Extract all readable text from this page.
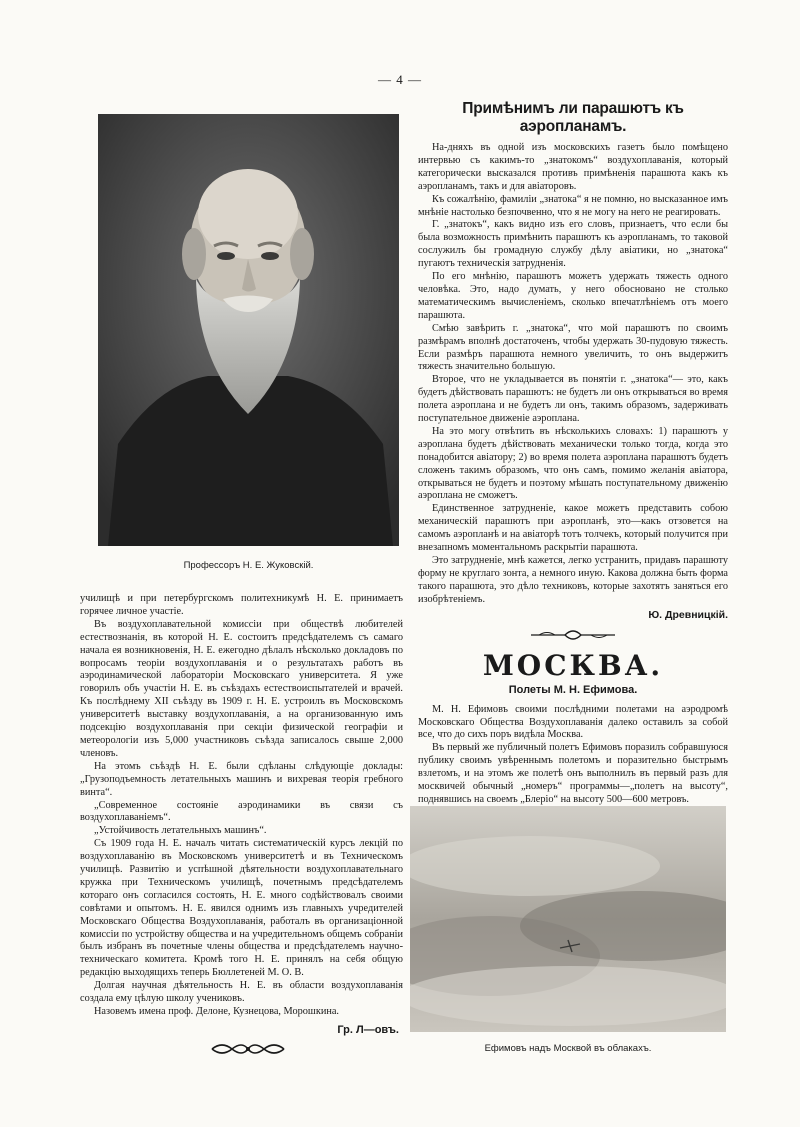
— 4 —
Профессоръ Н. Е. Жуковскій.

училищѣ и при петербургскомъ политехникумѣ Н. Е. принимаетъ горячее личное участіе.

Въ воздухоплавательной комиссіи при обществѣ любителей естествознанія, въ которой Н. Е. состоитъ предсѣдателемъ съ самаго начала ея возникновенія, Н. Е. ежегодно дѣлалъ нѣсколько докладовъ по вопросамъ теоріи воздухоплаванія и о результатахъ работъ въ аэродинамической лабораторіи Московскаго университета. Я уже говорилъ объ участіи Н. Е. въ съѣздахъ естествоиспытателей и врачей. Къ послѣднему XII съѣзду въ 1909 г. Н. Е. устроилъ въ Московскомъ университетѣ выставку воздухоплаванія, а на организованную имъ подсекцію воздухоплаванія при секціи физической географіи и метеорологіи изъ 5,000 участниковъ съѣзда записалось свыше 2,000 членовъ.

На этомъ съѣздѣ Н. Е. были сдѣланы слѣдующіе доклады: „Грузоподъемность летательныхъ машинъ и вихревая теорія гребного винта“.

„Современное состояніе аэродинамики въ связи съ воздухоплаваніемъ“.

„Устойчивость летательныхъ машинъ“.

Съ 1909 года Н. Е. началъ читать систематическій курсъ лекцій по воздухоплаванію въ Московскомъ университетѣ и въ Техническомъ училищѣ. Развитію и успѣшной дѣятельности воздухоплавательнаго кружка при Техническомъ училищѣ, почетнымъ предсѣдателемъ котораго онъ согласился состоять, Н. Е. много содѣйствовалъ своими совѣтами и опытомъ. Н. Е. явился однимъ изъ главныхъ учредителей Московскаго Общества Воздухоплаванія, работалъ въ организаціонной комиссіи по устройству общества и на учредительномъ общемъ собраніи былъ избранъ въ почетные члены общества и предсѣдателемъ научно-техническаго комитета. Кромѣ того Н. Е. принялъ на себя общую редакцію выходящихъ теперь Бюллетеней М. О. В.

Долгая научная дѣятельность Н. Е. въ области воздухоплаванія создала ему цѣлую школу учениковъ.

Назовемъ имена проф. Делоне, Кузнецова, Морошкина.

Гр. Л—овъ.
Примѣнимъ ли парашютъ къ аэропланамъ.

На-дняхъ въ одной изъ московскихъ газетъ было помѣщено интервью съ какимъ-то „знатокомъ“ воздухоплаванія, который категорически высказался противъ примѣненія парашюта какъ къ аэропланамъ, такъ и для авіаторовъ.

Къ сожалѣнію, фамиліи „знатока“ я не помню, но высказанное имъ мнѣніе настолько безпочвенно, что я не могу на него не реагировать.

Г. „знатокъ“, какъ видно изъ его словъ, признаетъ, что если бы была возможность примѣнить парашютъ къ аэропланамъ, то таковой сослужилъ бы громадную службу дѣлу авіатики, но „знатока“ пугаютъ техническія затрудненія.

По его мнѣнію, парашютъ можетъ удержать тяжесть одного человѣка. Это, надо думать, у него обосновано не столько математическимъ вычисленіемъ, сколько впечатлѣніемъ отъ моего парашюта.

Смѣю завѣрить г. „знатока“, что мой парашютъ по своимъ размѣрамъ вполнѣ достаточенъ, чтобы удержать 30-пудовую тяжесть. Если размѣръ парашюта немного увеличить, то онъ выдержитъ тяжесть значительно большую.

Второе, что не укладывается въ понятіи г. „знатока“— это, какъ будетъ дѣйствовать парашютъ: не будетъ ли онъ открываться во время полета аэроплана и не будетъ ли онъ, такимъ образомъ, задерживать поступательное движеніе аэроплана.

На это могу отвѣтить въ нѣсколькихъ словахъ: 1) парашютъ у аэроплана будетъ дѣйствовать механически только тогда, когда это понадобится авіатору; 2) во время полета аэроплана парашютъ будетъ сложенъ такимъ образомъ, что онъ самъ, помимо желанія авіатора, открываться не будетъ и поэтому мѣшать поступательному движенію аэроплана не сможетъ.

Единственное затрудненіе, какое можетъ представить собою механическій парашютъ при аэропланѣ, это—какъ отзовется на самомъ аэропланѣ и на авіаторѣ тотъ толчекъ, который получится при внезапномъ моментальномъ раскрытіи парашюта.

Это затрудненіе, мнѣ кажется, легко устранить, придавъ парашюту форму не круглаго зонта, а немного иную. Какова должна быть форма такого парашюта, это дѣло техниковъ, которые захотятъ заняться его изобрѣтеніемъ.

Ю. Древницкій.
МОСКВА.
Полеты М. Н. Ефимова.

М. Н. Ефимовъ своими послѣдними полетами на аэродромѣ Московскаго Общества Воздухоплаванія далеко оставилъ за собой все, что до сихъ поръ видѣла Москва.

Въ первый же публичный полетъ Ефимовъ поразилъ собравшуюся публику своимъ увѣреннымъ полетомъ и поразительно быстрымъ взлетомъ, и на этомъ же полетѣ онъ выполнилъ въ первый разъ для москвичей обычный „номеръ“ программы—„полетъ на высоту“, поднявшись на своемъ „Блеріо“ на высоту 500—600 метровъ.

Ефимовъ надъ Москвой въ облакахъ.
